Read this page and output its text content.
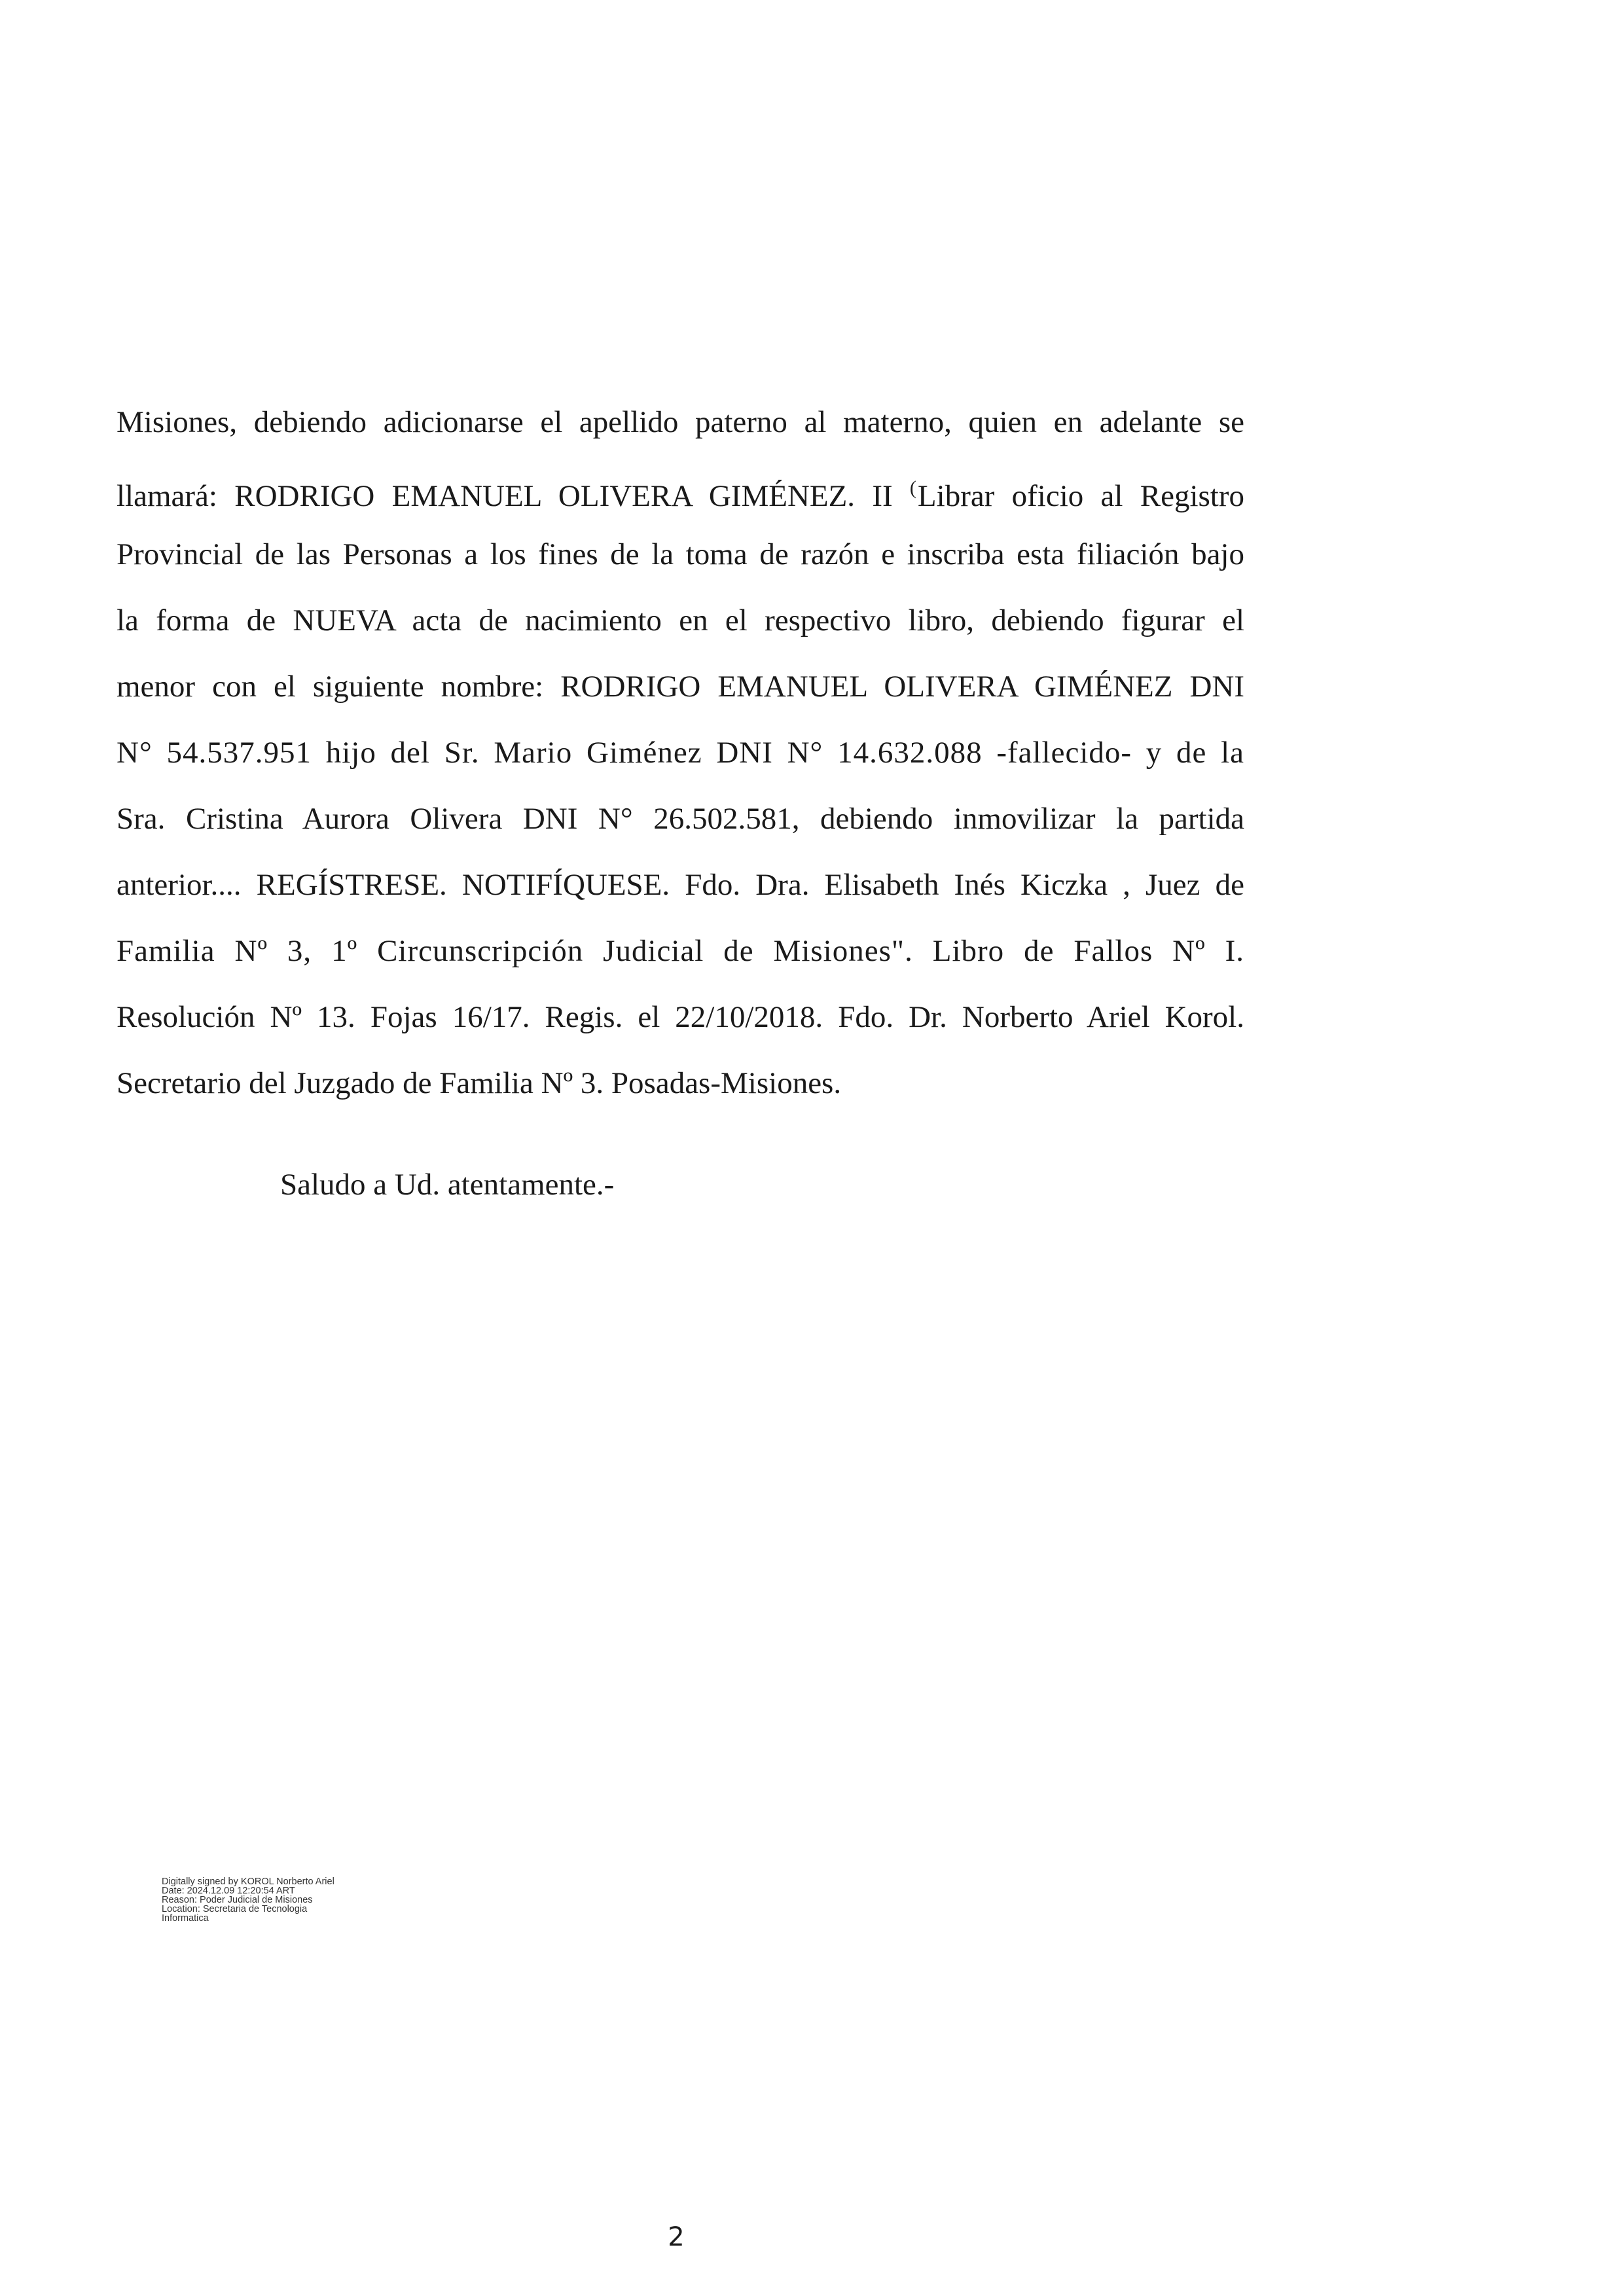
Misiones, debiendo adicionarse el apellido paterno al materno, quien en adelante se
llamará: RODRIGO EMANUEL OLIVERA GIMÉNEZ. II (Librar oficio al Registro
Provincial de las Personas a los fines de la toma de razón e inscriba esta filiación bajo
la forma de NUEVA acta de nacimiento en el respectivo libro, debiendo figurar el
menor con el siguiente nombre: RODRIGO EMANUEL OLIVERA GIMÉNEZ DNI
N° 54.537.951 hijo del Sr. Mario Giménez DNI N° 14.632.088 -fallecido- y de la
Sra. Cristina Aurora Olivera DNI N° 26.502.581, debiendo inmovilizar la partida
anterior.... REGÍSTRESE. NOTIFÍQUESE. Fdo. Dra. Elisabeth Inés Kiczka , Juez de
Familia Nº 3, 1º Circunscripción Judicial de Misiones". Libro de Fallos Nº I.
Resolución Nº 13. Fojas 16/17. Regis. el 22/10/2018. Fdo. Dr. Norberto Ariel Korol.
Secretario del Juzgado de Familia Nº 3. Posadas-Misiones.
Saludo a Ud. atentamente.-
Digitally signed by KOROL Norberto Ariel
Date: 2024.12.09 12:20:54 ART
Reason: Poder Judicial de Misiones
Location: Secretaria de Tecnologia
Informatica
2
